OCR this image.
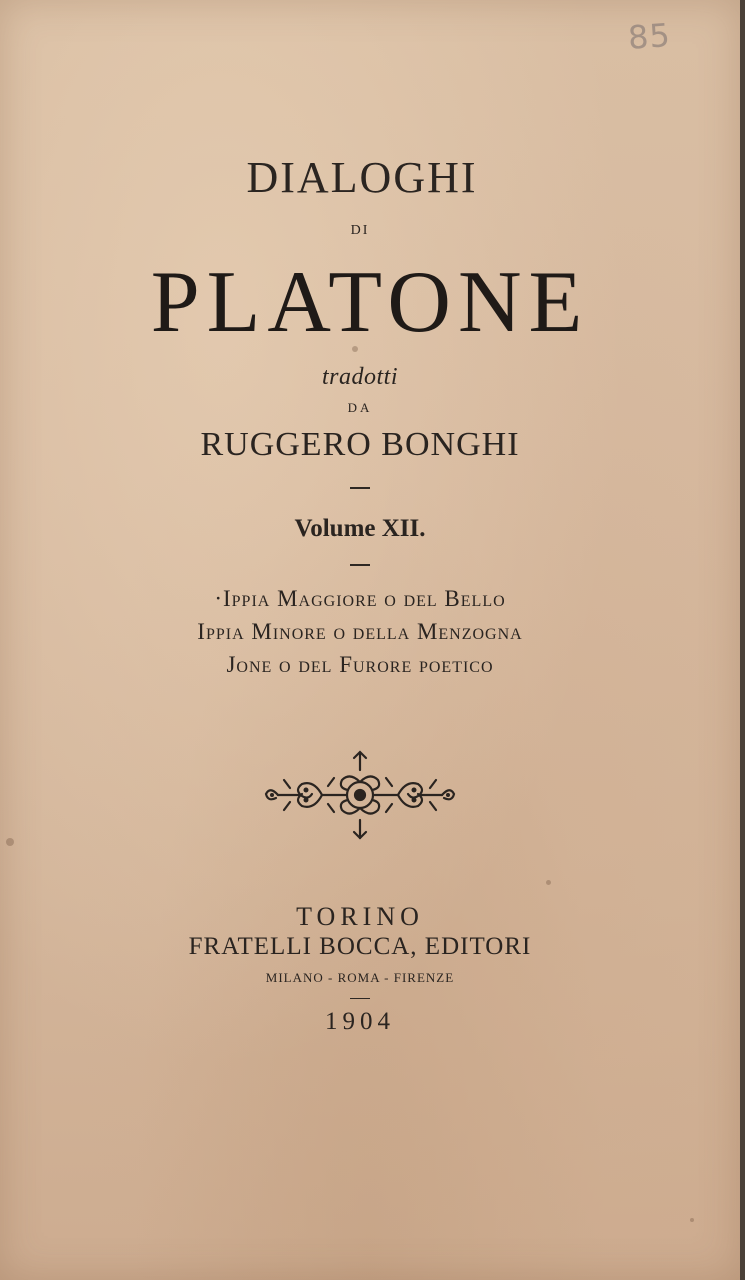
85
DIALOGHI
DI
PLATONE
tradotti
DA
RUGGERO BONGHI
Volume XII.
·Ippia Maggiore o del Bello
Ippia Minore o della Menzogna
Jone o del Furore poetico
TORINO
FRATELLI BOCCA, EDITORI
MILANO - ROMA - FIRENZE
1904
